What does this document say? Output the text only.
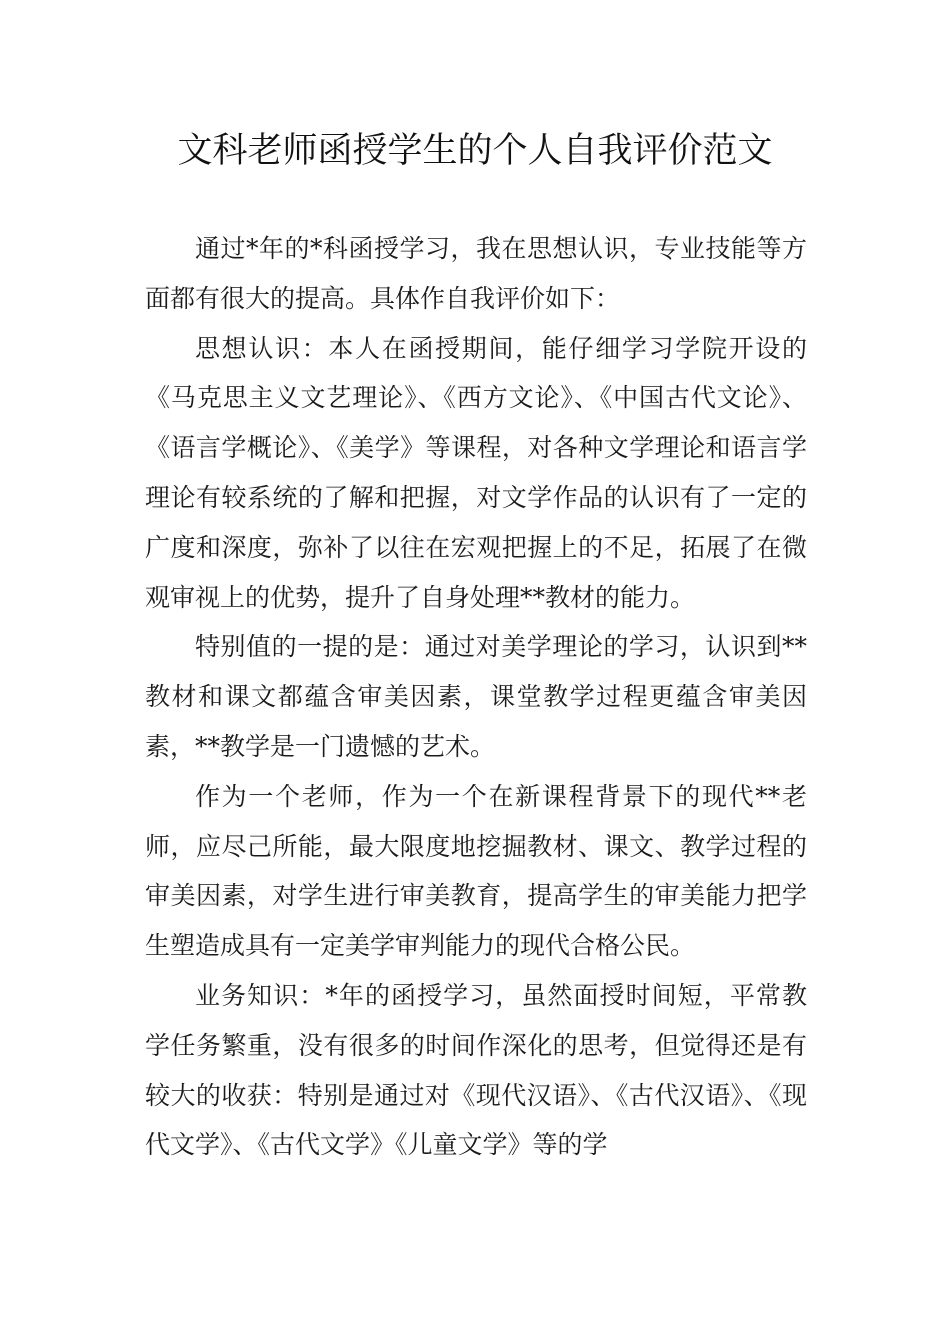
文科老师函授学生的个人自我评价范文

通过*年的*科函授学习，我在思想认识，专业技能等方面都有很大的提高。具体作自我评价如下：

思想认识：本人在函授期间，能仔细学习学院开设的《马克思主义文艺理论》、《西方文论》、《中国古代文论》、《语言学概论》、《美学》等课程，对各种文学理论和语言学理论有较系统的了解和把握，对文学作品的认识有了一定的广度和深度，弥补了以往在宏观把握上的不足，拓展了在微观审视上的优势，提升了自身处理**教材的能力。

特别值的一提的是：通过对美学理论的学习，认识到**教材和课文都蕴含审美因素，课堂教学过程更蕴含审美因素，**教学是一门遗憾的艺术。

作为一个老师，作为一个在新课程背景下的现代**老师，应尽己所能，最大限度地挖掘教材、课文、教学过程的审美因素，对学生进行审美教育，提高学生的审美能力把学生塑造成具有一定美学审判能力的现代合格公民。

业务知识：*年的函授学习，虽然面授时间短，平常教学任务繁重，没有很多的时间作深化的思考，但觉得还是有较大的收获：特别是通过对《现代汉语》、《古代汉语》、《现代文学》、《古代文学》《儿童文学》等的学
